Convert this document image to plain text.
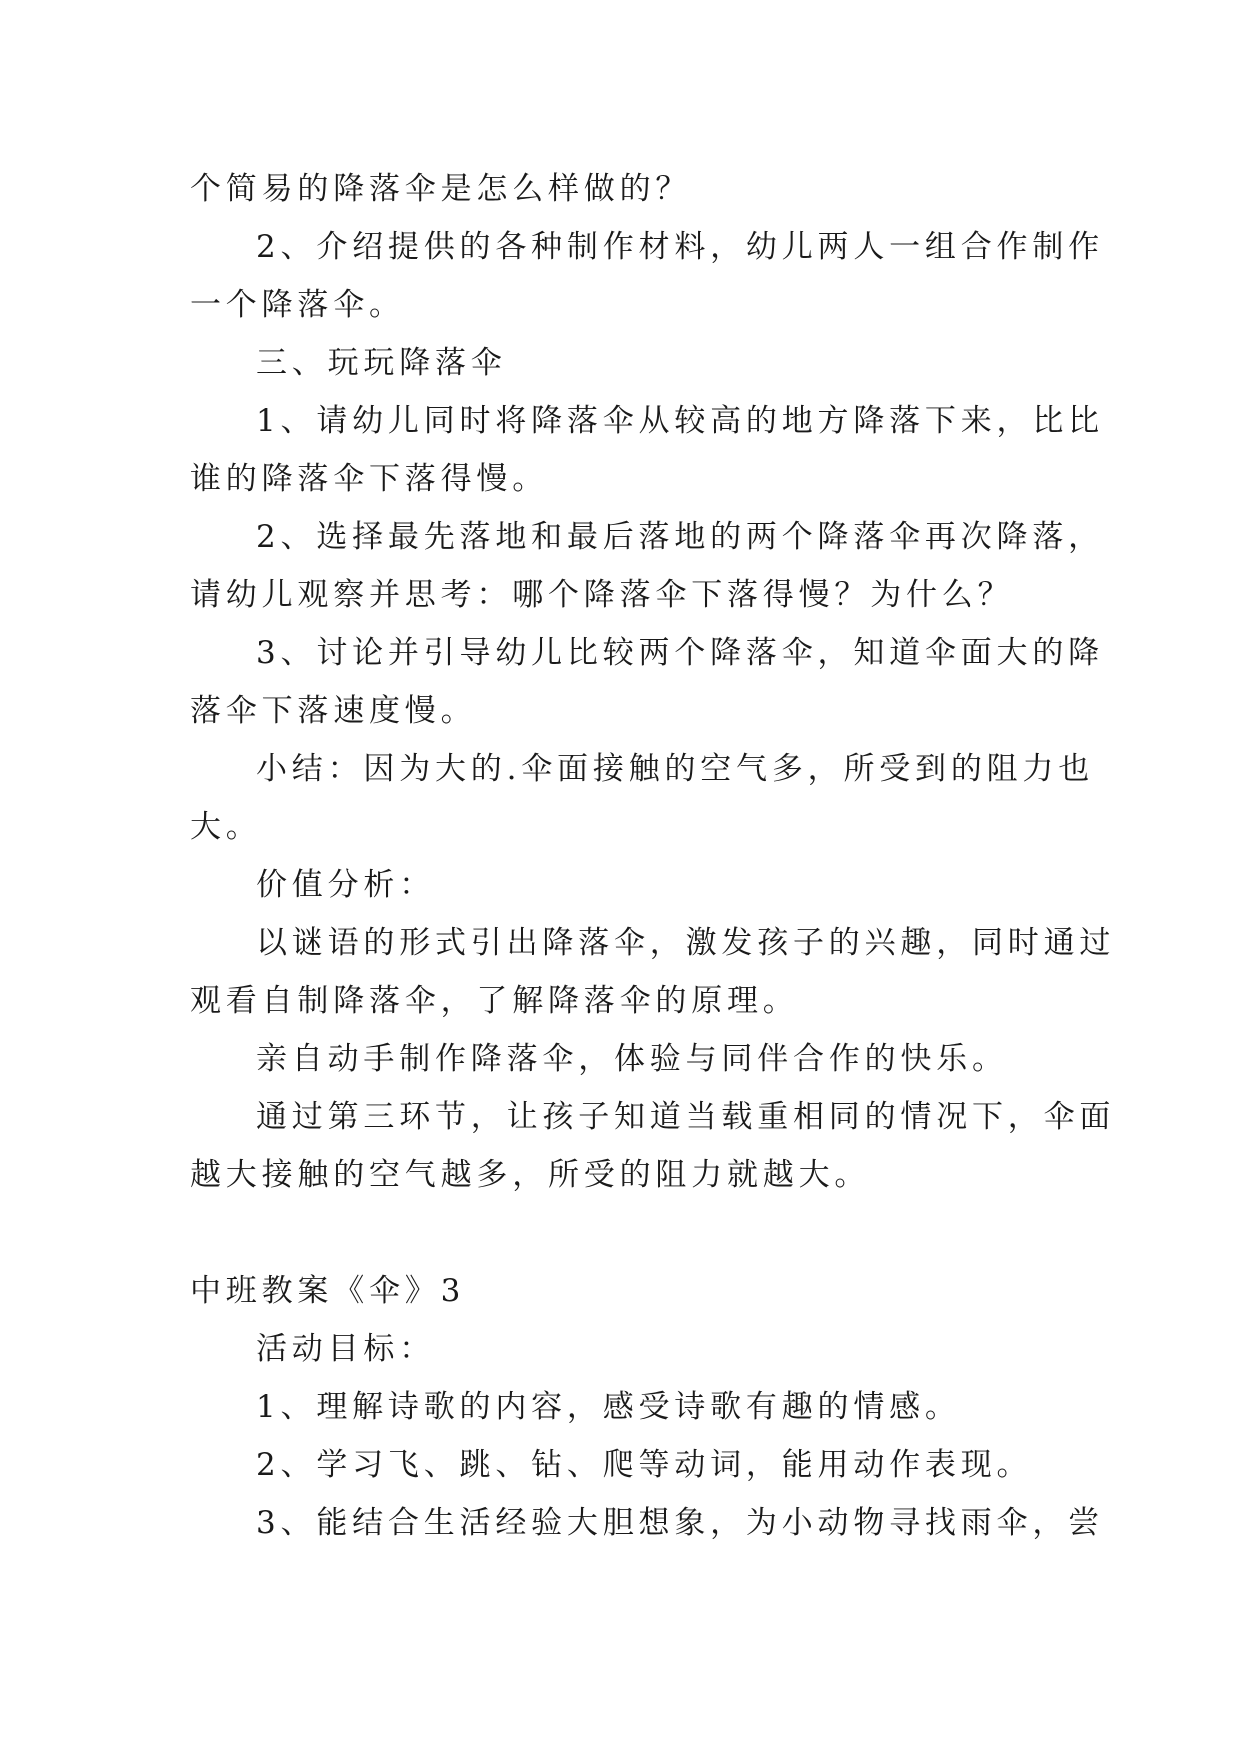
个简易的降落伞是怎么样做的？
2、介绍提供的各种制作材料，幼儿两人一组合作制作
一个降落伞。
三、玩玩降落伞
1、请幼儿同时将降落伞从较高的地方降落下来，比比
谁的降落伞下落得慢。
2、选择最先落地和最后落地的两个降落伞再次降落，
请幼儿观察并思考：哪个降落伞下落得慢？为什么？
3、讨论并引导幼儿比较两个降落伞，知道伞面大的降
落伞下落速度慢。
小结：因为大的.伞面接触的空气多，所受到的阻力也
大。
价值分析：
以谜语的形式引出降落伞，激发孩子的兴趣，同时通过
观看自制降落伞，了解降落伞的原理。
亲自动手制作降落伞，体验与同伴合作的快乐。
通过第三环节，让孩子知道当载重相同的情况下，伞面
越大接触的空气越多，所受的阻力就越大。
中班教案《伞》3
活动目标：
1、理解诗歌的内容，感受诗歌有趣的情感。
2、学习飞、跳、钻、爬等动词，能用动作表现。
3、能结合生活经验大胆想象，为小动物寻找雨伞，尝
